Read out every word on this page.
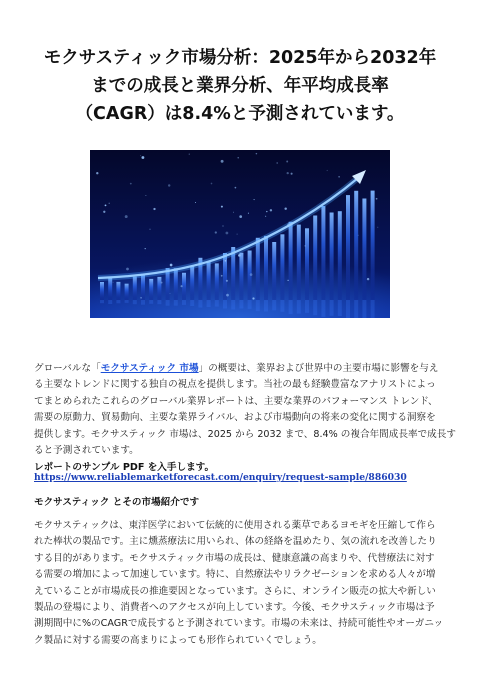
モクサスティック市場分析：2025年から2032年
までの成長と業界分析、年平均成長率
（CAGR）は8.4%と予測されています。

グローバルな「モクサスティック 市場」の概要は、業界および世界中の主要市場に影響を与え
る主要なトレンドに関する独自の視点を提供します。当社の最も経験豊富なアナリストによっ
てまとめられたこれらのグローバル業界レポートは、主要な業界のパフォーマンス トレンド、
需要の原動力、貿易動向、主要な業界ライバル、および市場動向の将来の変化に関する洞察を
提供します。モクサスティック 市場は、2025 から 2032 まで、8.4% の複合年間成長率で成長す
ると予測されています。

レポートのサンプル PDF を入手します。
https://www.reliablemarketforecast.com/enquiry/request-sample/886030
モクサスティック とその市場紹介です

モクサスティックは、東洋医学において伝統的に使用される薬草であるヨモギを圧縮して作ら
れた棒状の製品です。主に燻蒸療法に用いられ、体の経絡を温めたり、気の流れを改善したり
する目的があります。モクサスティック市場の成長は、健康意識の高まりや、代替療法に対す
る需要の増加によって加速しています。特に、自然療法やリラクゼーションを求める人々が増
えていることが市場成長の推進要因となっています。さらに、オンライン販売の拡大や新しい
製品の登場により、消費者へのアクセスが向上しています。今後、モクサスティック市場は予
測期間中に%のCAGRで成長すると予測されています。市場の未来は、持続可能性やオーガニッ
ク製品に対する需要の高まりによっても形作られていくでしょう。
